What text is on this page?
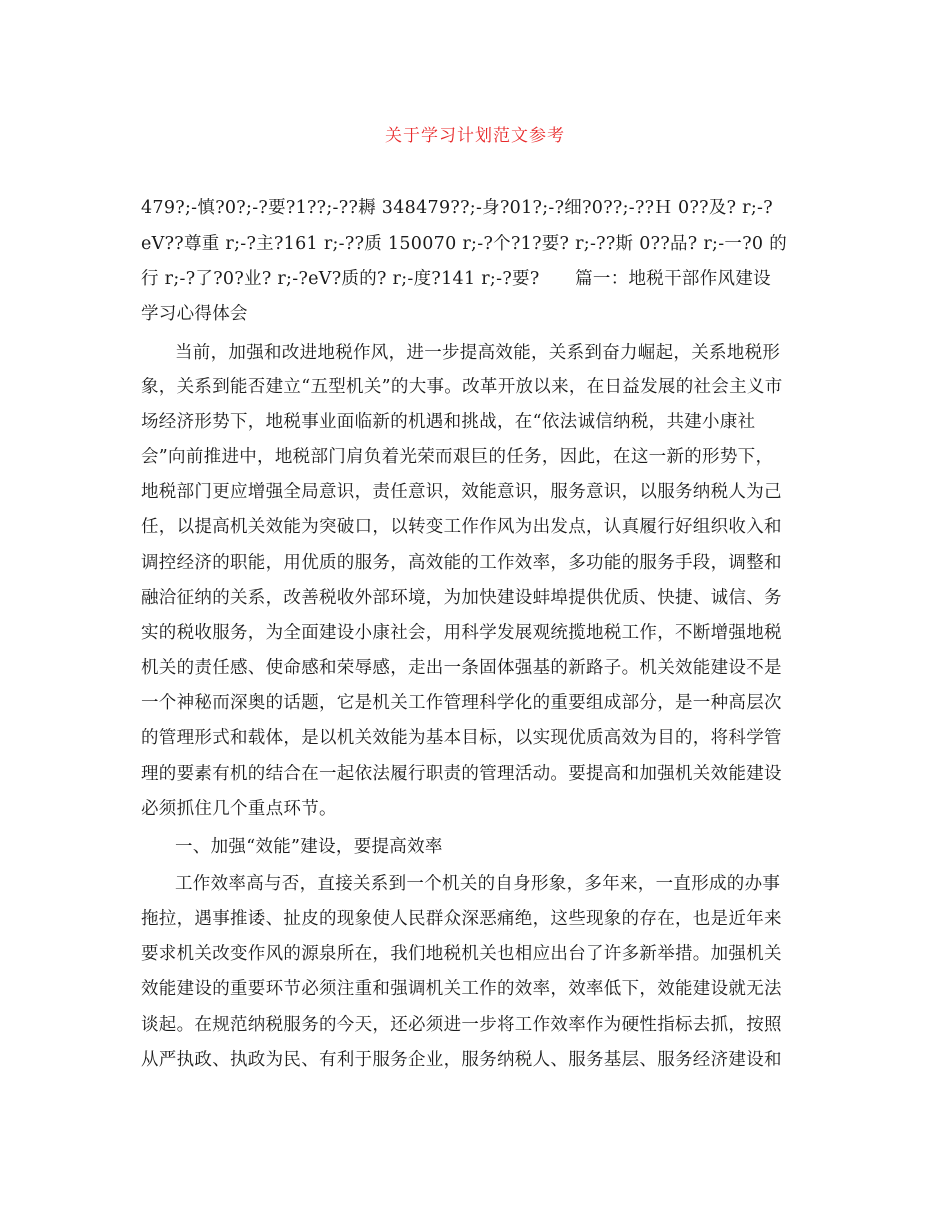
关于学习计划范文参考
479?;-慎?0?;-?要?1??;-??耨 348479??;-身?01?;-?细?0??;-??Ｈ 0??及? r;-?
eV??尊重 r;-?主?161 r;-??质 150070 r;-?个?1?要? r;-??斯 0??品? r;-一?0 的
行 r;-?了?0?业? r;-?eV?质的? r;-度?141 r;-?要?　　篇一：地税干部作风建设
学习心得体会
当前，加强和改进地税作风，进一步提高效能，关系到奋力崛起，关系地税形
象，关系到能否建立“五型机关”的大事。改革开放以来，在日益发展的社会主义市
场经济形势下，地税事业面临新的机遇和挑战，在“依法诚信纳税，共建小康社
会”向前推进中，地税部门肩负着光荣而艰巨的任务，因此，在这一新的形势下，
地税部门更应增强全局意识，责任意识，效能意识，服务意识，以服务纳税人为己
任，以提高机关效能为突破口，以转变工作作风为出发点，认真履行好组织收入和
调控经济的职能，用优质的服务，高效能的工作效率，多功能的服务手段，调整和
融洽征纳的关系，改善税收外部环境，为加快建设蚌埠提供优质、快捷、诚信、务
实的税收服务，为全面建设小康社会，用科学发展观统揽地税工作，不断增强地税
机关的责任感、使命感和荣辱感，走出一条固体强基的新路子。机关效能建设不是
一个神秘而深奥的话题，它是机关工作管理科学化的重要组成部分，是一种高层次
的管理形式和载体，是以机关效能为基本目标，以实现优质高效为目的，将科学管
理的要素有机的结合在一起依法履行职责的管理活动。要提高和加强机关效能建设
必须抓住几个重点环节。
一、加强“效能”建设，要提高效率
工作效率高与否，直接关系到一个机关的自身形象，多年来，一直形成的办事
拖拉，遇事推诿、扯皮的现象使人民群众深恶痛绝，这些现象的存在，也是近年来
要求机关改变作风的源泉所在，我们地税机关也相应出台了许多新举措。加强机关
效能建设的重要环节必须注重和强调机关工作的效率，效率低下，效能建设就无法
谈起。在规范纳税服务的今天，还必须进一步将工作效率作为硬性指标去抓，按照
从严执政、执政为民、有利于服务企业，服务纳税人、服务基层、服务经济建设和
